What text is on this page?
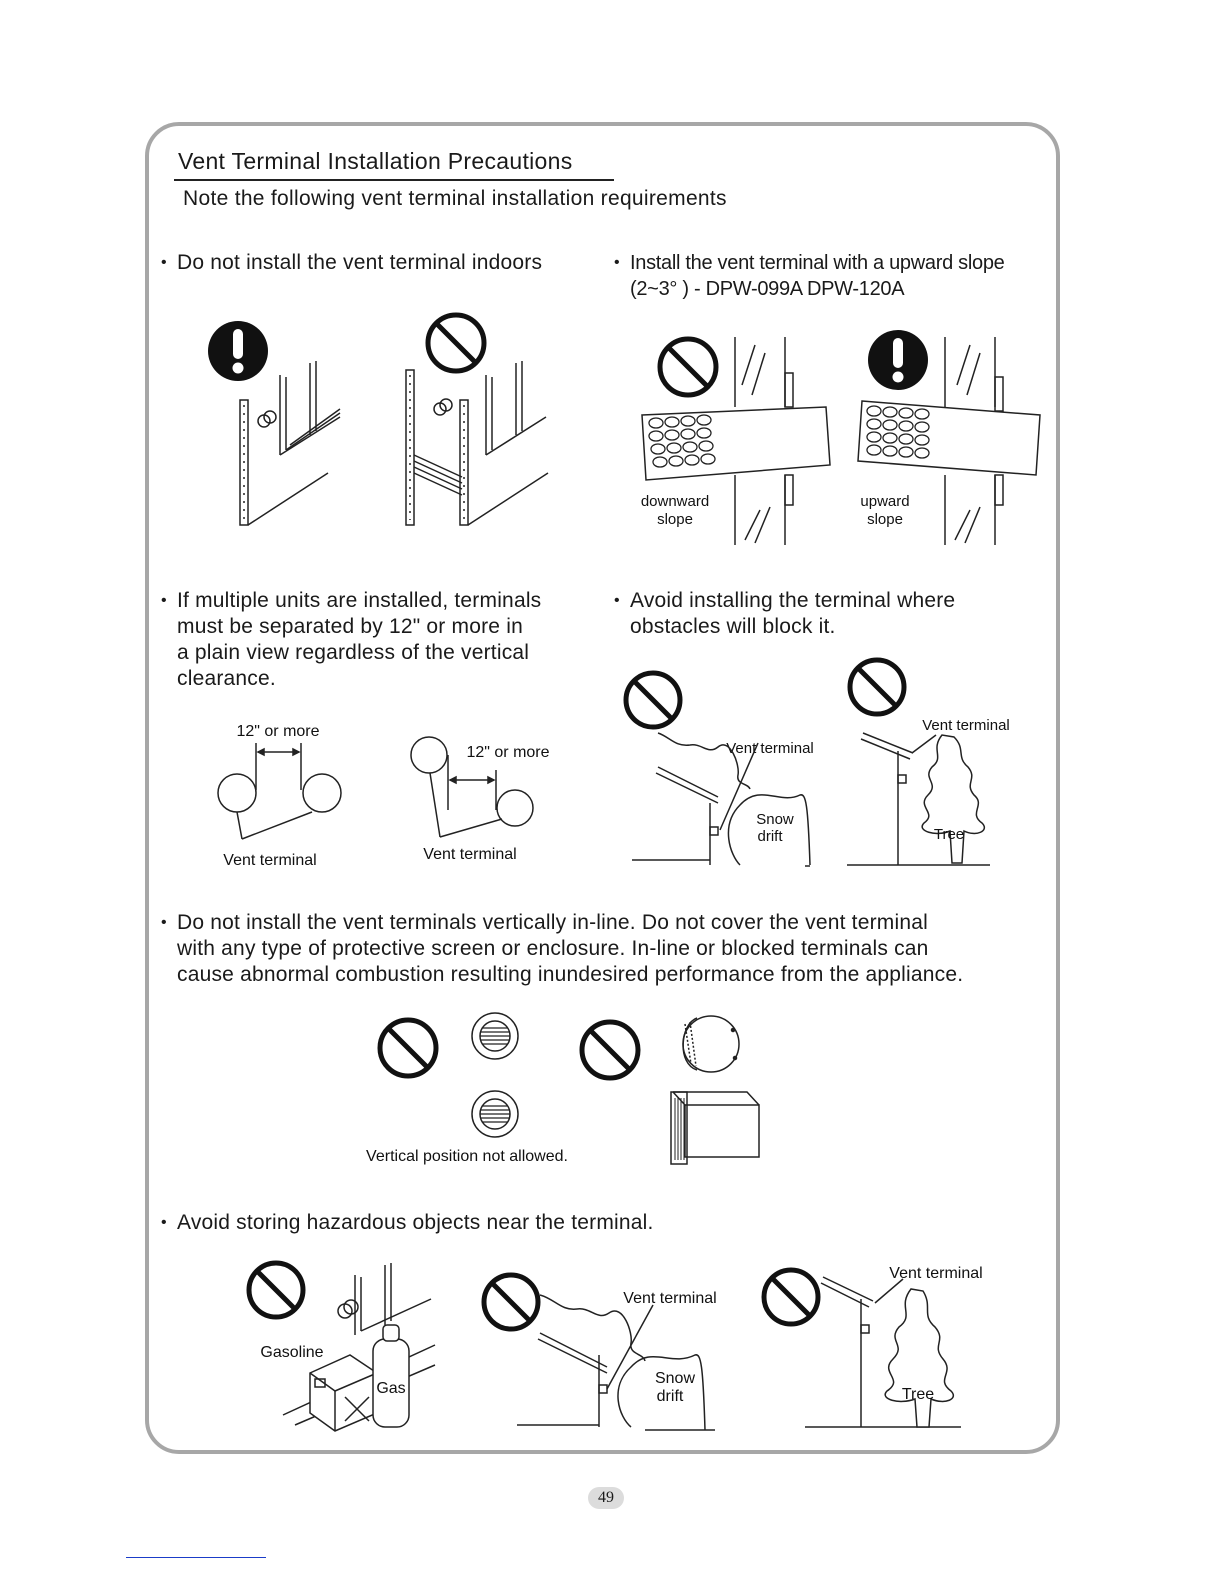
Vent Terminal Installation Precautions
Note the following vent terminal installation requirements
• Do not install the vent terminal indoors	• Install the vent terminal with a upward slope
(2~3° ) - DPW-099A DPW-120A
downward
slope
upward
slope
• If multiple units are installed, terminals
must be separated by 12" or more in
a plain view regardless of the vertical
clearance.
• Avoid installing the terminal where
obstacles will block it.
12" or more
Vent terminal
12" or more
Vent terminal
Vent terminal
Snow
drift
Vent terminal
Tree
• Do not install the vent terminals vertically in-line. Do not cover the vent terminal
with any type of protective screen or enclosure. In-line or blocked terminals can
cause abnormal combustion resulting inundesired performance from the appliance.
Vertical position not allowed.
• Avoid storing hazardous objects near the terminal.
Gasoline
Gas
Vent terminal
Snow
drift
Vent terminal
Tree
49
